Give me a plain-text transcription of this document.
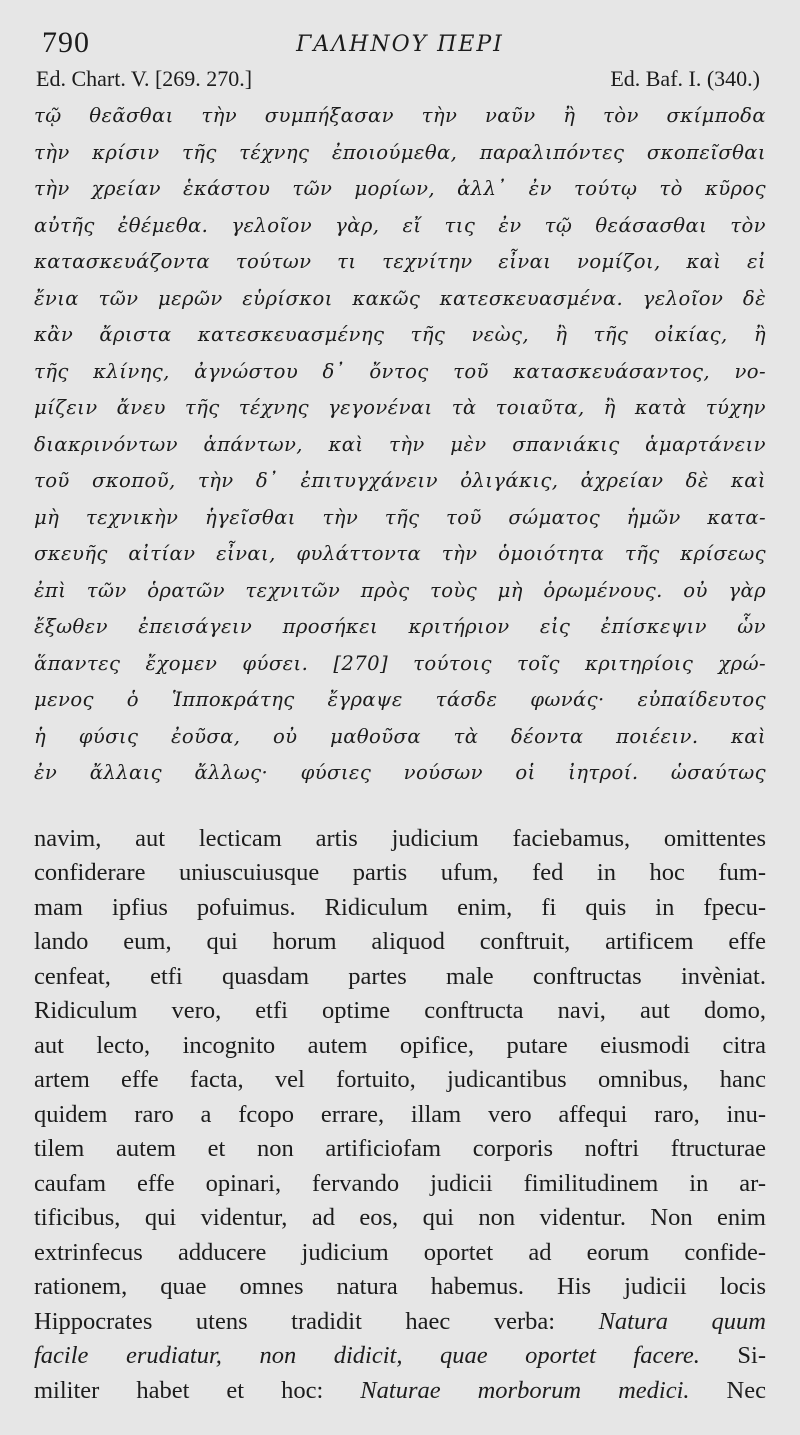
790	ΓΑΛΗΝΟΥ ΠΕΡΙ
Ed. Chart. V. [269. 270.]	Ed. Baf. I. (340.)
τῷ θεᾶσθαι τὴν συμπήξασαν τὴν ναῦν ἢ τὸν σκίμποδα
τὴν κρίσιν τῆς τέχνης ἐποιούμεθα, παραλιπόντες σκοπεῖσθαι
τὴν χρείαν ἑκάστου τῶν μορίων, ἀλλ᾽ ἐν τούτῳ τὸ κῦρος
αὐτῆς ἐθέμεθα. γελοῖον γὰρ, εἴ τις ἐν τῷ θεάσασθαι τὸν
κατασκευάζοντα τούτων τι τεχνίτην εἶναι νομίζοι, καὶ εἰ
ἔνια τῶν μερῶν εὑρίσκοι κακῶς κατεσκευασμένα. γελοῖον δὲ
κἂν ἄριστα κατεσκευασμένης τῆς νεὼς, ἢ τῆς οἰκίας, ἢ
τῆς κλίνης, ἀγνώστου δ᾽ ὄντος τοῦ κατασκευάσαντος, νο-
μίζειν ἄνευ τῆς τέχνης γεγονέναι τὰ τοιαῦτα, ἢ κατὰ τύχην
διακρινόντων ἁπάντων, καὶ τὴν μὲν σπανιάκις ἁμαρτάνειν
τοῦ σκοποῦ, τὴν δ᾽ ἐπιτυγχάνειν ὀλιγάκις, ἀχρείαν δὲ καὶ
μὴ τεχνικὴν ἡγεῖσθαι τὴν τῆς τοῦ σώματος ἡμῶν κατα-
σκευῆς αἰτίαν εἶναι, φυλάττοντα τὴν ὁμοιότητα τῆς κρίσεως
ἐπὶ τῶν ὁρατῶν τεχνιτῶν πρὸς τοὺς μὴ ὁρωμένους. οὐ γὰρ
ἔξωθεν ἐπεισάγειν προσήκει κριτήριον εἰς ἐπίσκεψιν ὧν
ἅπαντες ἔχομεν φύσει. [270] τούτοις τοῖς κριτηρίοις χρώ-
μενος ὁ Ἱπποκράτης ἔγραψε τάσδε φωνάς· εὐπαίδευτος
ἡ φύσις ἐοῦσα, οὐ μαθοῦσα τὰ δέοντα ποιέειν. καὶ
ἐν ἄλλαις ἄλλως· φύσιες νούσων οἱ ἰητροί. ὡσαύτως
navim, aut lecticam artis judicium faciebamus, omittentes
confiderare uniuscuiusque partis ufum, fed in hoc fum-
mam ipfius pofuimus. Ridiculum enim, fi quis in fpecu-
lando eum, qui horum aliquod conftruit, artificem effe
cenfeat, etfi quasdam partes male conftructas invèniat.
Ridiculum vero, etfi optime conftructa navi, aut domo,
aut lecto, incognito autem opifice, putare eiusmodi citra
artem effe facta, vel fortuito, judicantibus omnibus, hanc
quidem raro a fcopo errare, illam vero affequi raro, inu-
tilem autem et non artificiofam corporis noftri ftructurae
caufam effe opinari, fervando judicii fimilitudinem in ar-
tificibus, qui videntur, ad eos, qui non videntur. Non enim
extrinfecus adducere judicium oportet ad eorum confide-
rationem, quae omnes natura habemus. His judicii locis
Hippocrates utens tradidit haec verba: Natura quum
facile erudiatur, non didicit, quae oportet facere. Si-
militer habet et hoc: Naturae morborum medici. Nec
